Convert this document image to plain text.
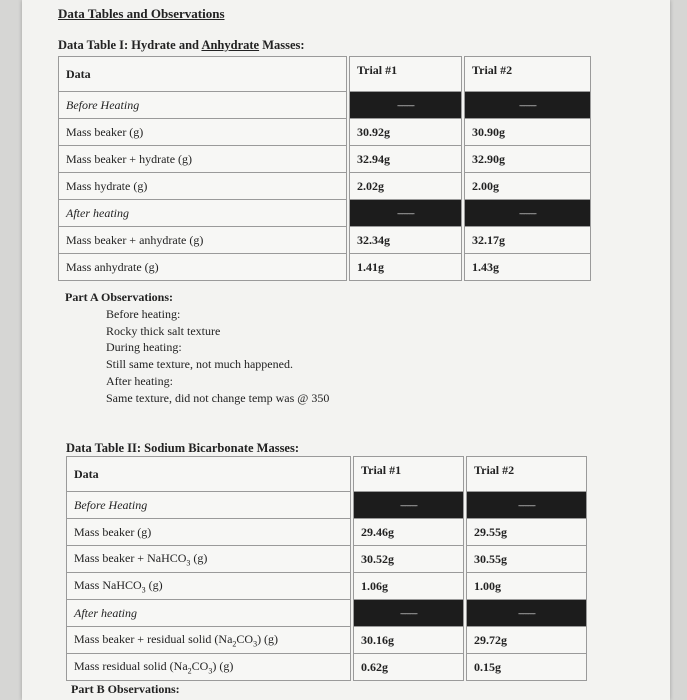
Data Tables and Observations
Data Table I: Hydrate and Anhydrate Masses:
Data		Trial #1		Trial #2
Before Heating		----------		----------
Mass beaker (g)		30.92g		30.90g
Mass beaker + hydrate (g)		32.94g		32.90g
Mass hydrate (g)		2.02g		2.00g
After heating		----------		----------
Mass beaker + anhydrate (g)		32.34g		32.17g
Mass anhydrate (g)		1.41g		1.43g
Part A Observations:
Before heating:
Rocky thick salt texture
During heating:
Still same texture, not much happened.
After heating:
Same texture, did not change temp was @ 350
Data Table II: Sodium Bicarbonate Masses:
Data		Trial #1		Trial #2
Before Heating		----------		----------
Mass beaker (g)		29.46g		29.55g
Mass beaker + NaHCO$_3$ (g)		30.52g		30.55g
Mass NaHCO$_3$ (g)		1.06g		1.00g
After heating		----------		----------
Mass beaker + residual solid $(Na_2CO_3)$ (g)		30.16g		29.72g
Mass residual solid $(Na_2CO_3)$ (g)		0.62g		0.15g
Part B Observations:
